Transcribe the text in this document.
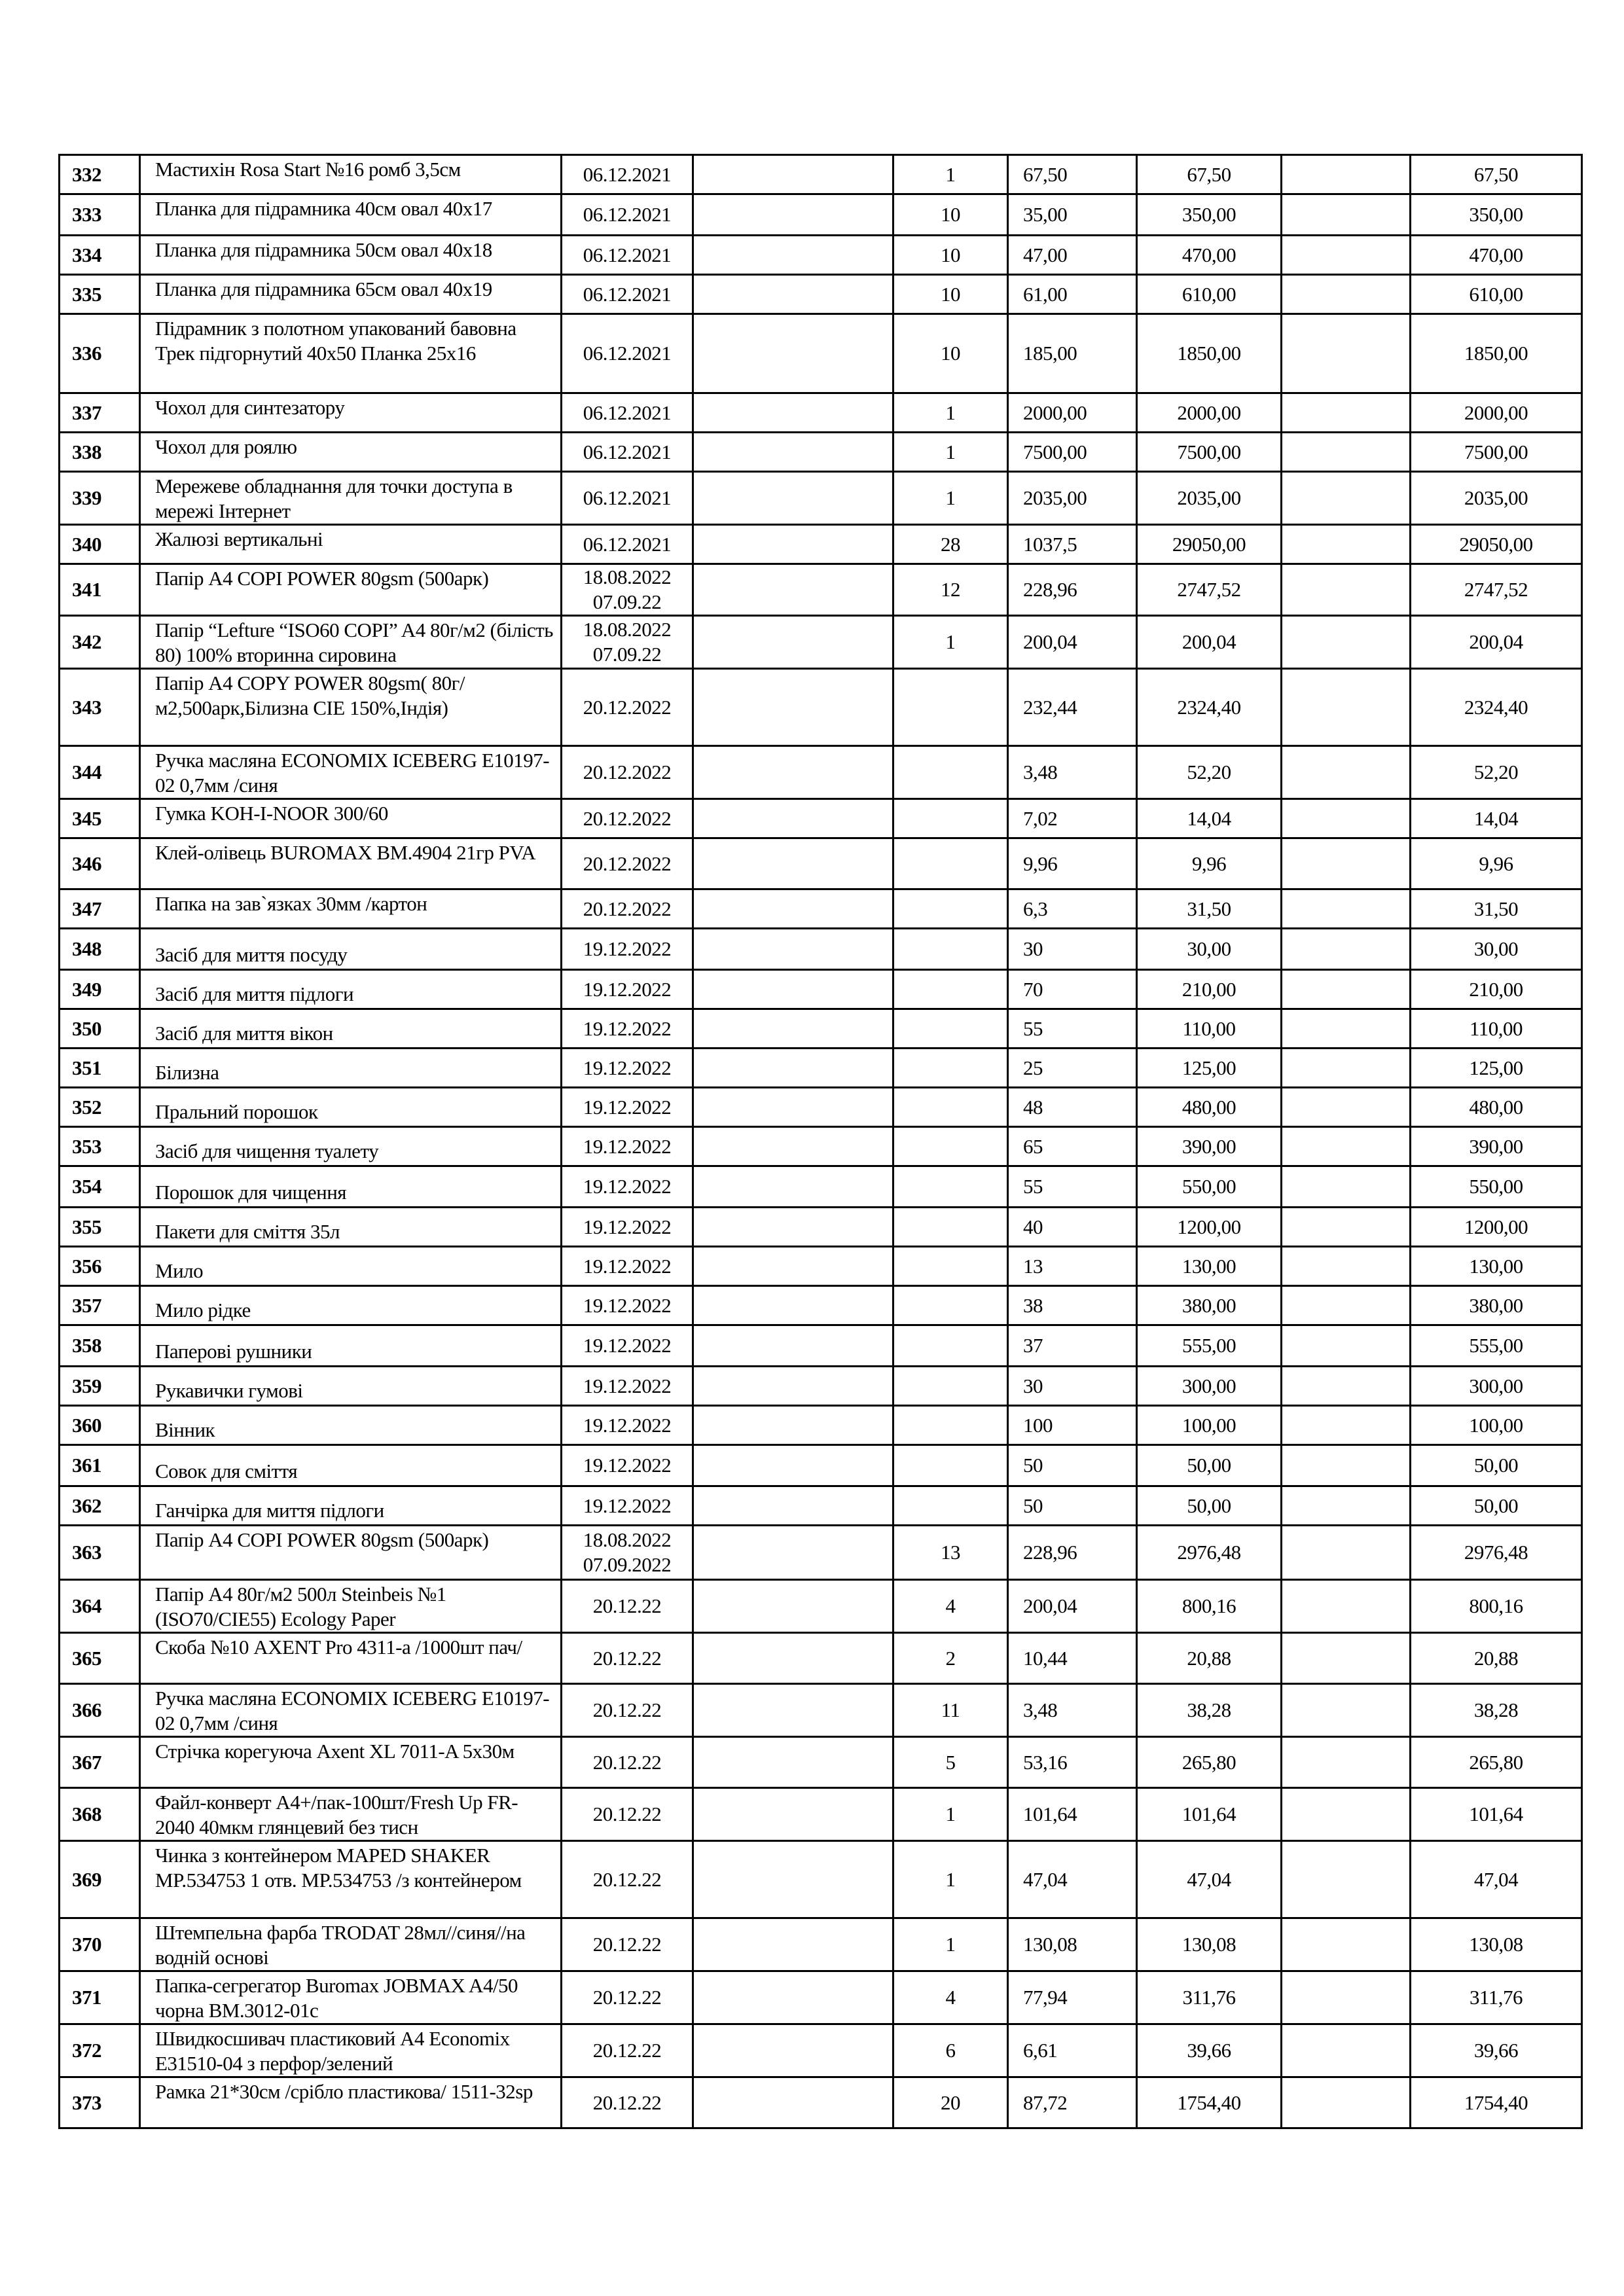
332	Мастихін Rosa Start №16 ромб 3,5см	06.12.2021		1	67,50	67,50		67,50
333	Планка для підрамника 40см овал 40х17	06.12.2021		10	35,00	350,00		350,00
334	Планка для підрамника 50см овал 40х18	06.12.2021		10	47,00	470,00		470,00
335	Планка для підрамника 65см овал 40х19	06.12.2021		10	61,00	610,00		610,00
336	Підрамник з полотном упакований бавовна Трек підгорнутий 40х50 Планка 25х16	06.12.2021		10	185,00	1850,00		1850,00
337	Чохол для синтезатору	06.12.2021		1	2000,00	2000,00		2000,00
338	Чохол для роялю	06.12.2021		1	7500,00	7500,00		7500,00
339	Мережеве обладнання для точки доступа в мережі Інтернет	06.12.2021		1	2035,00	2035,00		2035,00
340	Жалюзі вертикальні	06.12.2021		28	1037,5	29050,00		29050,00
341	Папір А4 COPI POWER 80gsm (500арк)	18.08.2022
07.09.22		12	228,96	2747,52		2747,52
342	Папір “Lefture “ISO60 COPI” A4 80г/м2 (білість 80) 100% вторинна сировина	18.08.2022
07.09.22		1	200,04	200,04		200,04
343	Папір А4 COPY POWER 80gsm( 80г/м2,500арк,Білизна CIE 150%,Індія)	20.12.2022			232,44	2324,40		2324,40
344	Ручка масляна ECONOMIX ICEBERG E10197-02 0,7мм /синя	20.12.2022			3,48	52,20		52,20
345	Гумка KOH-I-NOOR 300/60	20.12.2022			7,02	14,04		14,04
346	Клей-олівець BUROMAX BM.4904 21гр PVA	20.12.2022			9,96	9,96		9,96
347	Папка на зав`язках 30мм /картон	20.12.2022			6,3	31,50		31,50
348	Засіб для миття посуду	19.12.2022			30	30,00		30,00
349	Засіб для миття підлоги	19.12.2022			70	210,00		210,00
350	Засіб для миття вікон	19.12.2022			55	110,00		110,00
351	Білизна	19.12.2022			25	125,00		125,00
352	Пральний порошок	19.12.2022			48	480,00		480,00
353	Засіб для чищення туалету	19.12.2022			65	390,00		390,00
354	Порошок для чищення	19.12.2022			55	550,00		550,00
355	Пакети для сміття 35л	19.12.2022			40	1200,00		1200,00
356	Мило	19.12.2022			13	130,00		130,00
357	Мило рідке	19.12.2022			38	380,00		380,00
358	Паперові рушники	19.12.2022			37	555,00		555,00
359	Рукавички гумові	19.12.2022			30	300,00		300,00
360	Вінник	19.12.2022			100	100,00		100,00
361	Совок для сміття	19.12.2022			50	50,00		50,00
362	Ганчірка для миття підлоги	19.12.2022			50	50,00		50,00
363	Папір А4 COPI POWER 80gsm (500арк)	18.08.2022
07.09.2022		13	228,96	2976,48		2976,48
364	Папір А4 80г/м2 500л Steinbeis №1 (ISO70/CIE55) Ecology Paper	20.12.22		4	200,04	800,16		800,16
365	Скоба №10 AXENT Pro 4311-a /1000шт пач/	20.12.22		2	10,44	20,88		20,88
366	Ручка масляна ECONOMIX ICEBERG E10197-02 0,7мм /синя	20.12.22		11	3,48	38,28		38,28
367	Стрічка корегуюча Axent XL 7011-A 5х30м	20.12.22		5	53,16	265,80		265,80
368	Файл-конверт А4+/пак-100шт/Fresh Up FR-2040 40мкм глянцевий без тисн	20.12.22		1	101,64	101,64		101,64
369	Чинка з контейнером MAPED SHAKER MP.534753 1 отв. MP.534753 /з контейнером	20.12.22		1	47,04	47,04		47,04
370	Штемпельна фарба TRODAT 28мл//синя//на водній основі	20.12.22		1	130,08	130,08		130,08
371	Папка-сегрегатор Buromax JOBMAX A4/50 чорна BM.3012-01c	20.12.22		4	77,94	311,76		311,76
372	Швидкосшивач пластиковий А4 Economix E31510-04 з перфор/зелений	20.12.22		6	6,61	39,66		39,66
373	Рамка 21*30см /срібло пластикова/ 1511-32sp	20.12.22		20	87,72	1754,40		1754,40
